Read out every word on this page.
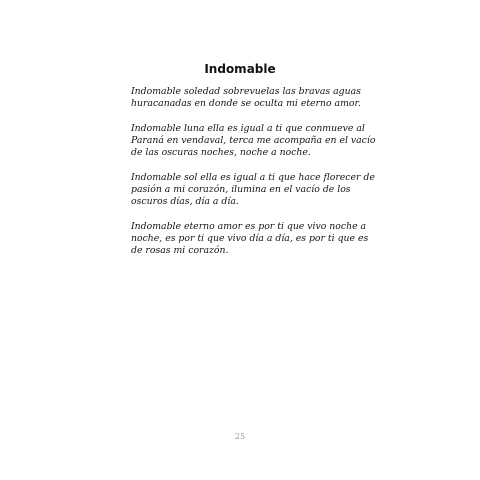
Indomable
Indomable soledad sobrevuelas las bravas aguas
huracanadas en donde se oculta mi eterno amor.
Indomable luna ella es igual a ti que conmueve al
Paraná en vendaval, terca me acompaña en el vacío
de las oscuras noches, noche a noche.
Indomable sol ella es igual a ti que hace florecer de
pasión a mi corazón, ilumina en el vacío de los
oscuros días, día a día.
Indomable eterno amor es por ti que vivo noche a
noche, es por ti que vivo día a día, es por ti que es
de rosas mi corazón.
25
